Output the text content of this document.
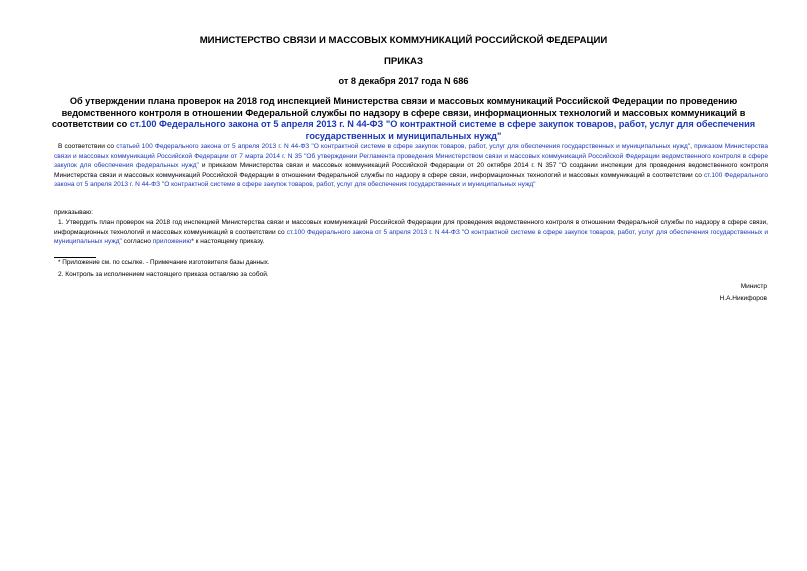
МИНИСТЕРСТВО СВЯЗИ И МАССОВЫХ КОММУНИКАЦИЙ РОССИЙСКОЙ ФЕДЕРАЦИИ
ПРИКАЗ
от 8 декабря 2017 года N 686
Об утверждении плана проверок на 2018 год инспекцией Министерства связи и массовых коммуникаций Российской Федерации по проведению ведомственного контроля в отношении Федеральной службы по надзору в сфере связи, информационных технологий и массовых коммуникаций в соответствии со ст.100 Федерального закона от 5 апреля 2013 г. N 44-ФЗ "О контрактной системе в сфере закупок товаров, работ, услуг для обеспечения государственных и муниципальных нужд"
В соответствии со статьей 100 Федерального закона от 5 апреля 2013 г. N 44-ФЗ "О контрактной системе в сфере закупок товаров, работ, услуг для обеспечения государственных и муниципальных нужд", приказом Министерства связи и массовых коммуникаций Российской Федерации от 7 марта 2014 г. N 35 "Об утверждении Регламента проведения Министерством связи и массовых коммуникаций Российской Федерации ведомственного контроля в сфере закупок для обеспечения федеральных нужд" и приказом Министерства связи и массовых коммуникаций Российской Федерации от 20 октября 2014 г. N 357 "О создании инспекции для проведения ведомственного контроля Министерства связи и массовых коммуникаций Российской Федерации в отношении Федеральной службы по надзору в сфере связи, информационных технологий и массовых коммуникаций в соответствии со ст.100 Федерального закона от 5 апреля 2013 г. N 44-ФЗ "О контрактной системе в сфере закупок товаров, работ, услуг для обеспечения государственных и муниципальных нужд"
приказываю:
1. Утвердить план проверок на 2018 год инспекцией Министерства связи и массовых коммуникаций Российской Федерации для проведения ведомственного контроля в отношении Федеральной службы по надзору в сфере связи, информационных технологий и массовых коммуникаций в соответствии со ст.100 Федерального закона от 5 апреля 2013 г. N 44-ФЗ "О контрактной системе в сфере закупок товаров, работ, услуг для обеспечения государственных и муниципальных нужд" согласно приложению* к настоящему приказу.
* Приложение см. по ссылке. - Примечание изготовителя базы данных.
2. Контроль за исполнением настоящего приказа оставляю за собой.
Министр
Н.А.Никифоров
